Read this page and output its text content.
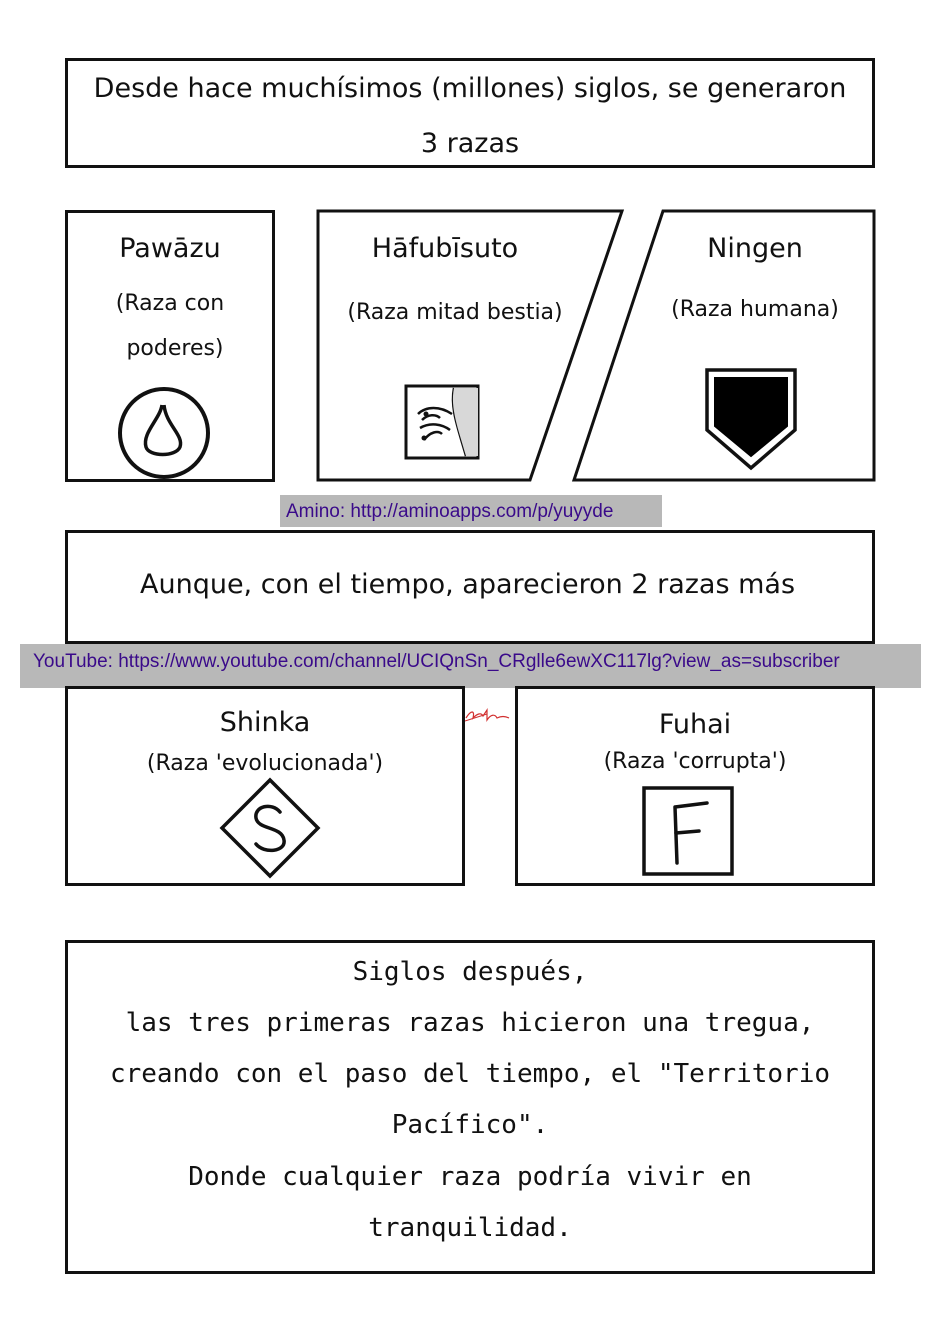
Desde hace muchísimos (millones) siglos, se generaron
3 razas
Pawāzu
(Raza con
poderes)
Hāfubīsuto
(Raza mitad bestia)
Ningen
(Raza humana)
Amino: http://aminoapps.com/p/yuyyde
Aunque, con el tiempo, aparecieron 2 razas más
YouTube: https://www.youtube.com/channel/UCIQnSn_CRglle6ewXC117lg?view_as=subscriber
Shinka
(Raza 'evolucionada')
Fuhai
(Raza 'corrupta')
Siglos después,
las tres primeras razas hicieron una tregua,
creando con el paso del tiempo, el "Territorio
Pacífico".
Donde cualquier raza podría vivir en
tranquilidad.
